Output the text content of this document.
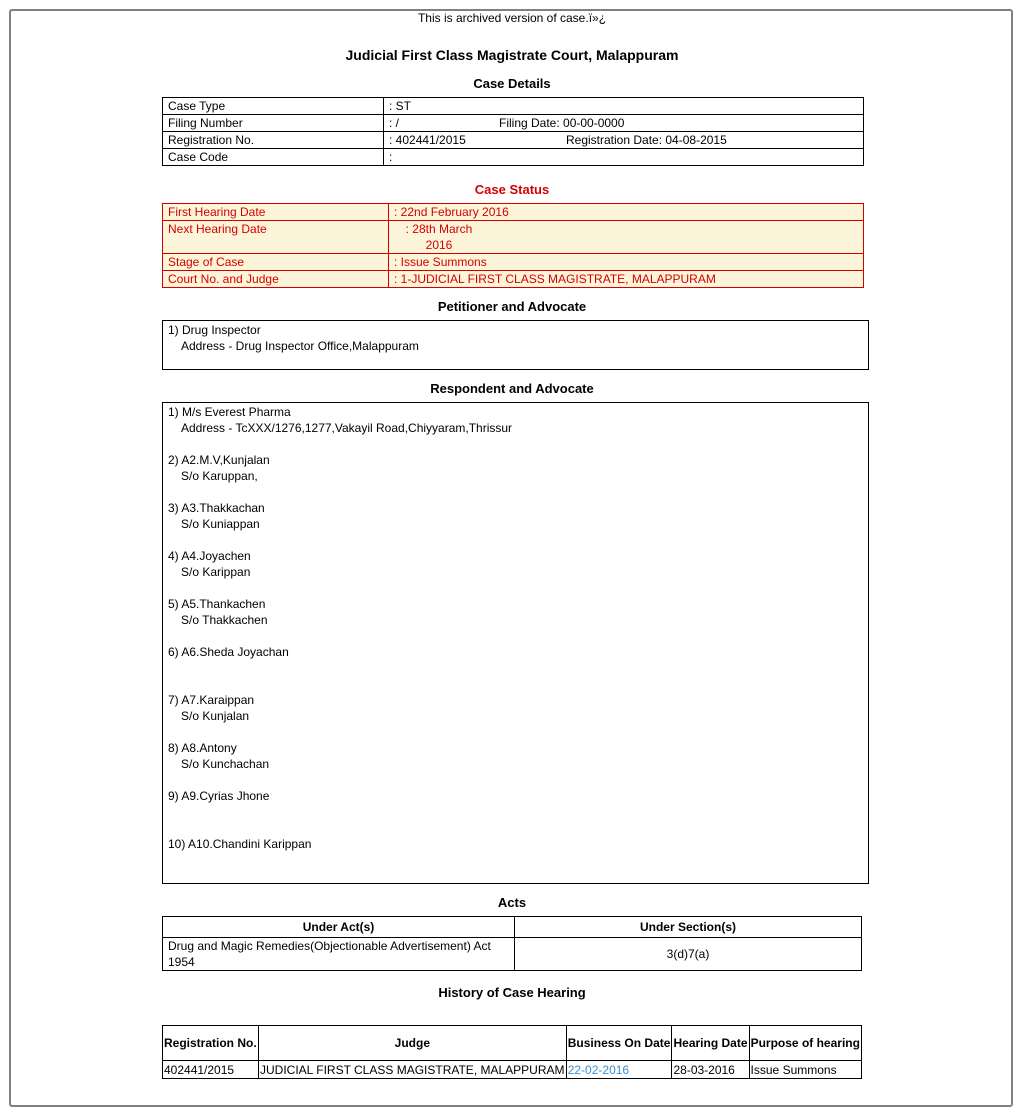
This is archived version of case.ï»¿
Judicial First Class Magistrate Court, Malappuram
Case Details
Case Type	: ST
Filing Number	: / Filing Date: 00-00-0000
Registration No.	: 402441/2015 Registration Date: 04-08-2015
Case Code	:
Case Status
First Hearing Date	: 22nd February 2016
Next Hearing Date	: 28th March
2016

Stage of Case	: Issue Summons
Court No. and Judge	: 1-JUDICIAL FIRST CLASS MAGISTRATE, MALAPPURAM
Petitioner and Advocate
1) Drug Inspector
Address - Drug Inspector Office,Malappuram
Respondent and Advocate
1) M/s Everest Pharma
Address - TcXXX/1276,1277,Vakayil Road,Chiyyaram,Thrissur
2) A2.M.V,Kunjalan
S/o Karuppan,
3) A3.Thakkachan
S/o Kuniappan
4) A4.Joyachen
S/o Karippan
5) A5.Thankachen
S/o Thakkachen
6) A6.Sheda Joyachan
7) A7.Karaippan
S/o Kunjalan
8) A8.Antony
S/o Kunchachan
9) A9.Cyrias Jhone
10) A10.Chandini Karippan
Acts
Under Act(s)	Under Section(s)
Drug and Magic Remedies(Objectionable Advertisement) Act 1954	3(d)7(a)
History of Case Hearing
Registration No.	Judge	Business On Date	Hearing Date	Purpose of hearing
402441/2015	JUDICIAL FIRST CLASS MAGISTRATE, MALAPPURAM	22-02-2016	28-03-2016	Issue Summons
